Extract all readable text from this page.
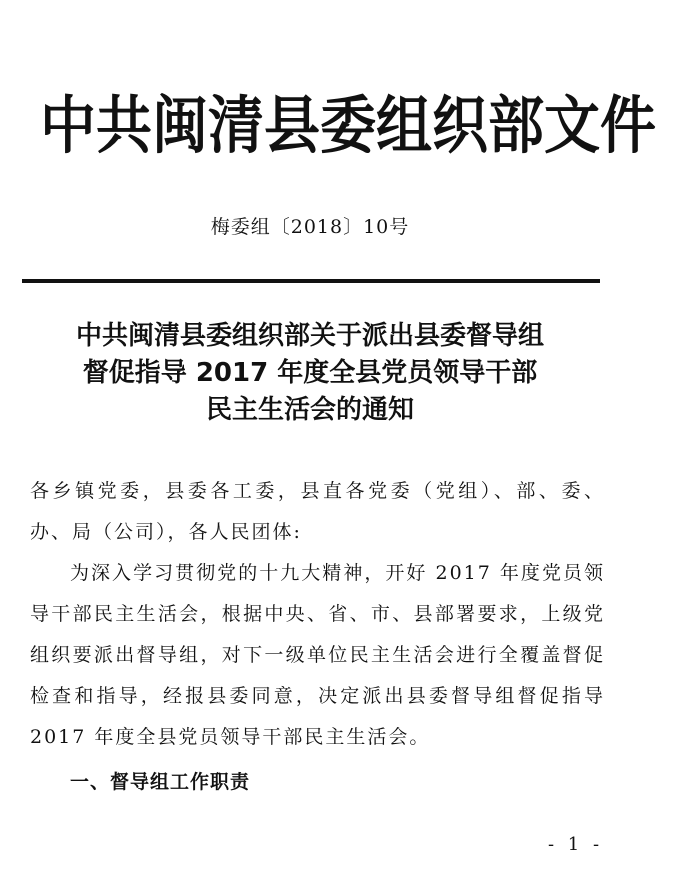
中共闽清县委组织部文件
梅委组〔2018〕10号
中共闽清县委组织部关于派出县委督导组
督促指导 2017 年度全县党员领导干部
民主生活会的通知

各乡镇党委，县委各工委，县直各党委（党组）、部、委、办、局（公司），各人民团体:

为深入学习贯彻党的十九大精神，开好 2017 年度党员领导干部民主生活会，根据中央、省、市、县部署要求，上级党组织要派出督导组，对下一级单位民主生活会进行全覆盖督促检查和指导，经报县委同意，决定派出县委督导组督促指导 2017 年度全县党员领导干部民主生活会。

一、督导组工作职责

- 1 -
